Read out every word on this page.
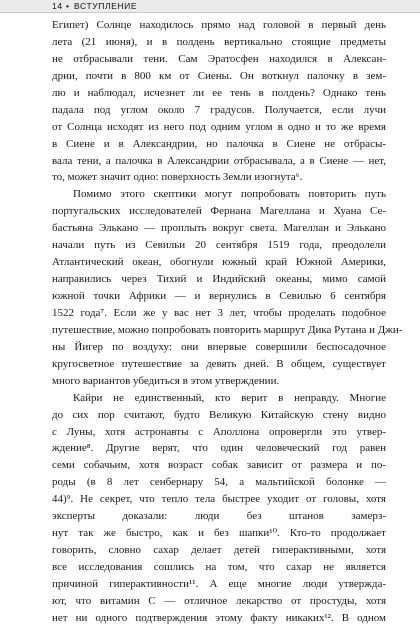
14 • ВСТУПЛЕНИЕ
Египет) Солнце находилось прямо над головой в первый день
лета (21 июня), и в полдень вертикально стоящие предметы
не отбрасывали тени. Сам Эратосфен находился в Алексан-
дрии, почти в 800 км от Сиены. Он воткнул палочку в зем-
лю и наблюдал, исчезнет ли ее тень в полдень? Однако тень
падала под углом около 7 градусов. Получается, если лучи
от Солнца исходят из него под одним углом в одно и то же время
в Сиене и в Александрии, но палочка в Сиене не отбрасы-
вала тени, а палочка в Александрии отбрасывала, а в Сиене — нет,
то, может значит одно: поверхность Земли изогнута⁶.
Помимо этого скептики могут попробовать повторить путь
португальских исследователей Фернана Магеллана и Хуана Се-
бастьяна Элькано — проплыть вокруг света. Магеллан и Элькано
начали путь из Севильи 20 сентября 1519 года, преодолели
Атлантический океан, обогнули южный край Южной Америки,
направились через Тихий и Индийский океаны, мимо самой
южной точки Африки — и вернулись в Севилью 6 сентября
1522 года⁷. Если же у вас нет 3 лет, чтобы проделать подобное
путешествие, можно попробовать повторить маршрут Дика Рутана и Джи-
ны Йигер по воздуху: они впервые совершили беспосадочное
кругосветное путешествие за девять дней. В общем, существует
много вариантов убедиться в этом утверждении.
Кайри не единственный, кто верит в неправду. Многие
до сих пор считают, будто Великую Китайскую стену видно
с Луны, хотя астронавты с Аполлона опровергли это утвер-
ждение⁸. Другие верят, что один человеческий год равен
семи собачьим, хотя возраст собак зависит от размера и по-
роды (в 8 лет сенбернару 54, а мальтийской болонке —
44)⁹. Не секрет, что тепло тела быстрее уходит от головы, хотя
эксперты доказали: люди без штанов замерз-
нут так же быстро, как и без шапки¹⁰. Кто-то продолжает
говорить, словно сахар делает детей гиперактивными, хотя
все исследования сошлись на том, что сахар не является
причиной гиперактивности¹¹. А еще многие люди утвержда-
ют, что витамин С — отличное лекарство от простуды, хотя
нет ни одного подтверждения этому факту никаких¹². В одном
